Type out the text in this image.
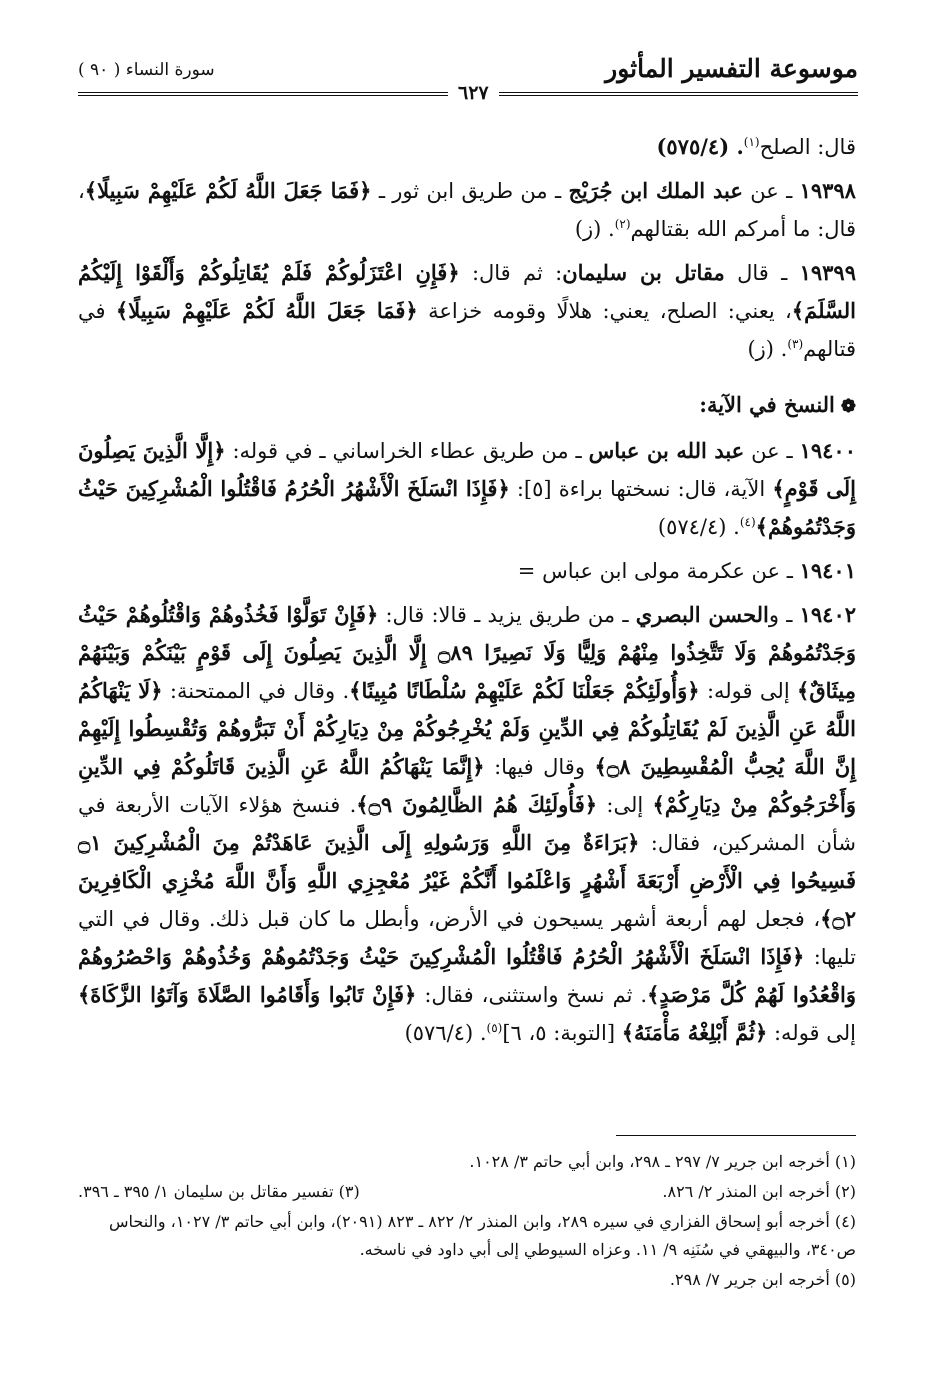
موسوعة التفسير المأثور
سورة النساء ( ٩٠ )
٦٢٧

قال: الصلح$^{(١)}$. (٥٧٥/٤)

١٩٣٩٨ ـ عن عبد الملك ابن جُرَيْج ـ من طريق ابن ثور ـ ﴿فَمَا جَعَلَ اللَّهُ لَكُمْ عَلَيْهِمْ سَبِيلًا﴾، قال: ما أمركم الله بقتالهم$^{(٢)}$. (ز)

١٩٣٩٩ ـ قال مقاتل بن سليمان: ثم قال: ﴿فَإِنِ اعْتَزَلُوكُمْ فَلَمْ يُقَاتِلُوكُمْ وَأَلْقَوْا إِلَيْكُمُ السَّلَمَ﴾، يعني: الصلح، يعني: هلالًا وقومه خزاعة ﴿فَمَا جَعَلَ اللَّهُ لَكُمْ عَلَيْهِمْ سَبِيلًا﴾ في قتالهم$^{(٣)}$. (ز)

❁النسخ في الآية:

١٩٤٠٠ ـ عن عبد الله بن عباس ـ من طريق عطاء الخراساني ـ في قوله: ﴿إِلَّا الَّذِينَ يَصِلُونَ إِلَى قَوْمٍ﴾ الآية، قال: نسختها براءة [٥]: ﴿فَإِذَا انْسَلَخَ الْأَشْهُرُ الْحُرُمُ فَاقْتُلُوا الْمُشْرِكِينَ حَيْثُ وَجَدْتُمُوهُمْ﴾$^{(٤)}$. (٥٧٤/٤)

١٩٤٠١ ـ عن عكرمة مولى ابن عباس =

١٩٤٠٢ ـ والحسن البصري ـ من طريق يزيد ـ قالا: قال: ﴿فَإِنْ تَوَلَّوْا فَخُذُوهُمْ وَاقْتُلُوهُمْ حَيْثُ وَجَدْتُمُوهُمْ وَلَا تَتَّخِذُوا مِنْهُمْ وَلِيًّا وَلَا نَصِيرًا ۝٨٩ إِلَّا الَّذِينَ يَصِلُونَ إِلَى قَوْمٍ بَيْنَكُمْ وَبَيْنَهُمْ مِيثَاقٌ﴾ إلى قوله: ﴿وَأُولَئِكُمْ جَعَلْنَا لَكُمْ عَلَيْهِمْ سُلْطَانًا مُبِينًا﴾. وقال في الممتحنة: ﴿لَا يَنْهَاكُمُ اللَّهُ عَنِ الَّذِينَ لَمْ يُقَاتِلُوكُمْ فِي الدِّينِ وَلَمْ يُخْرِجُوكُمْ مِنْ دِيَارِكُمْ أَنْ تَبَرُّوهُمْ وَتُقْسِطُوا إِلَيْهِمْ إِنَّ اللَّهَ يُحِبُّ الْمُقْسِطِينَ ۝٨﴾ وقال فيها: ﴿إِنَّمَا يَنْهَاكُمُ اللَّهُ عَنِ الَّذِينَ قَاتَلُوكُمْ فِي الدِّينِ وَأَخْرَجُوكُمْ مِنْ دِيَارِكُمْ﴾ إلى: ﴿فَأُولَئِكَ هُمُ الظَّالِمُونَ ۝٩﴾. فنسخ هؤلاء الآيات الأربعة في شأن المشركين، فقال: ﴿بَرَاءَةٌ مِنَ اللَّهِ وَرَسُولِهِ إِلَى الَّذِينَ عَاهَدْتُمْ مِنَ الْمُشْرِكِينَ ۝١ فَسِيحُوا فِي الْأَرْضِ أَرْبَعَةَ أَشْهُرٍ وَاعْلَمُوا أَنَّكُمْ غَيْرُ مُعْجِزِي اللَّهِ وَأَنَّ اللَّهَ مُخْزِي الْكَافِرِينَ ۝٢﴾، فجعل لهم أربعة أشهر يسيحون في الأرض، وأبطل ما كان قبل ذلك. وقال في التي تليها: ﴿فَإِذَا انْسَلَخَ الْأَشْهُرُ الْحُرُمُ فَاقْتُلُوا الْمُشْرِكِينَ حَيْثُ وَجَدْتُمُوهُمْ وَخُذُوهُمْ وَاحْصُرُوهُمْ وَاقْعُدُوا لَهُمْ كُلَّ مَرْصَدٍ﴾. ثم نسخ واستثنى، فقال: ﴿فَإِنْ تَابُوا وَأَقَامُوا الصَّلَاةَ وَآتَوُا الزَّكَاةَ﴾ إلى قوله: ﴿ثُمَّ أَبْلِغْهُ مَأْمَنَهُ﴾ [التوبة: ٥، ٦]$^{(٥)}$. (٥٧٦/٤)

(١) أخرجه ابن جرير ٧/ ٢٩٧ ـ ٢٩٨، وابن أبي حاتم ٣/ ١٠٢٨.

(٢) أخرجه ابن المنذر ٢/ ٨٢٦.

(٣) تفسير مقاتل بن سليمان ١/ ٣٩٥ ـ ٣٩٦.

(٤) أخرجه أبو إسحاق الفزاري في سيره ٢٨٩، وابن المنذر ٢/ ٨٢٢ ـ ٨٢٣ (٢٠٩١)، وابن أبي حاتم ٣/ ١٠٢٧، والنحاس ص٣٤٠، والبيهقي في سُنَنِه ٩/ ١١. وعزاه السيوطي إلى أبي داود في ناسخه.

(٥) أخرجه ابن جرير ٧/ ٢٩٨.
